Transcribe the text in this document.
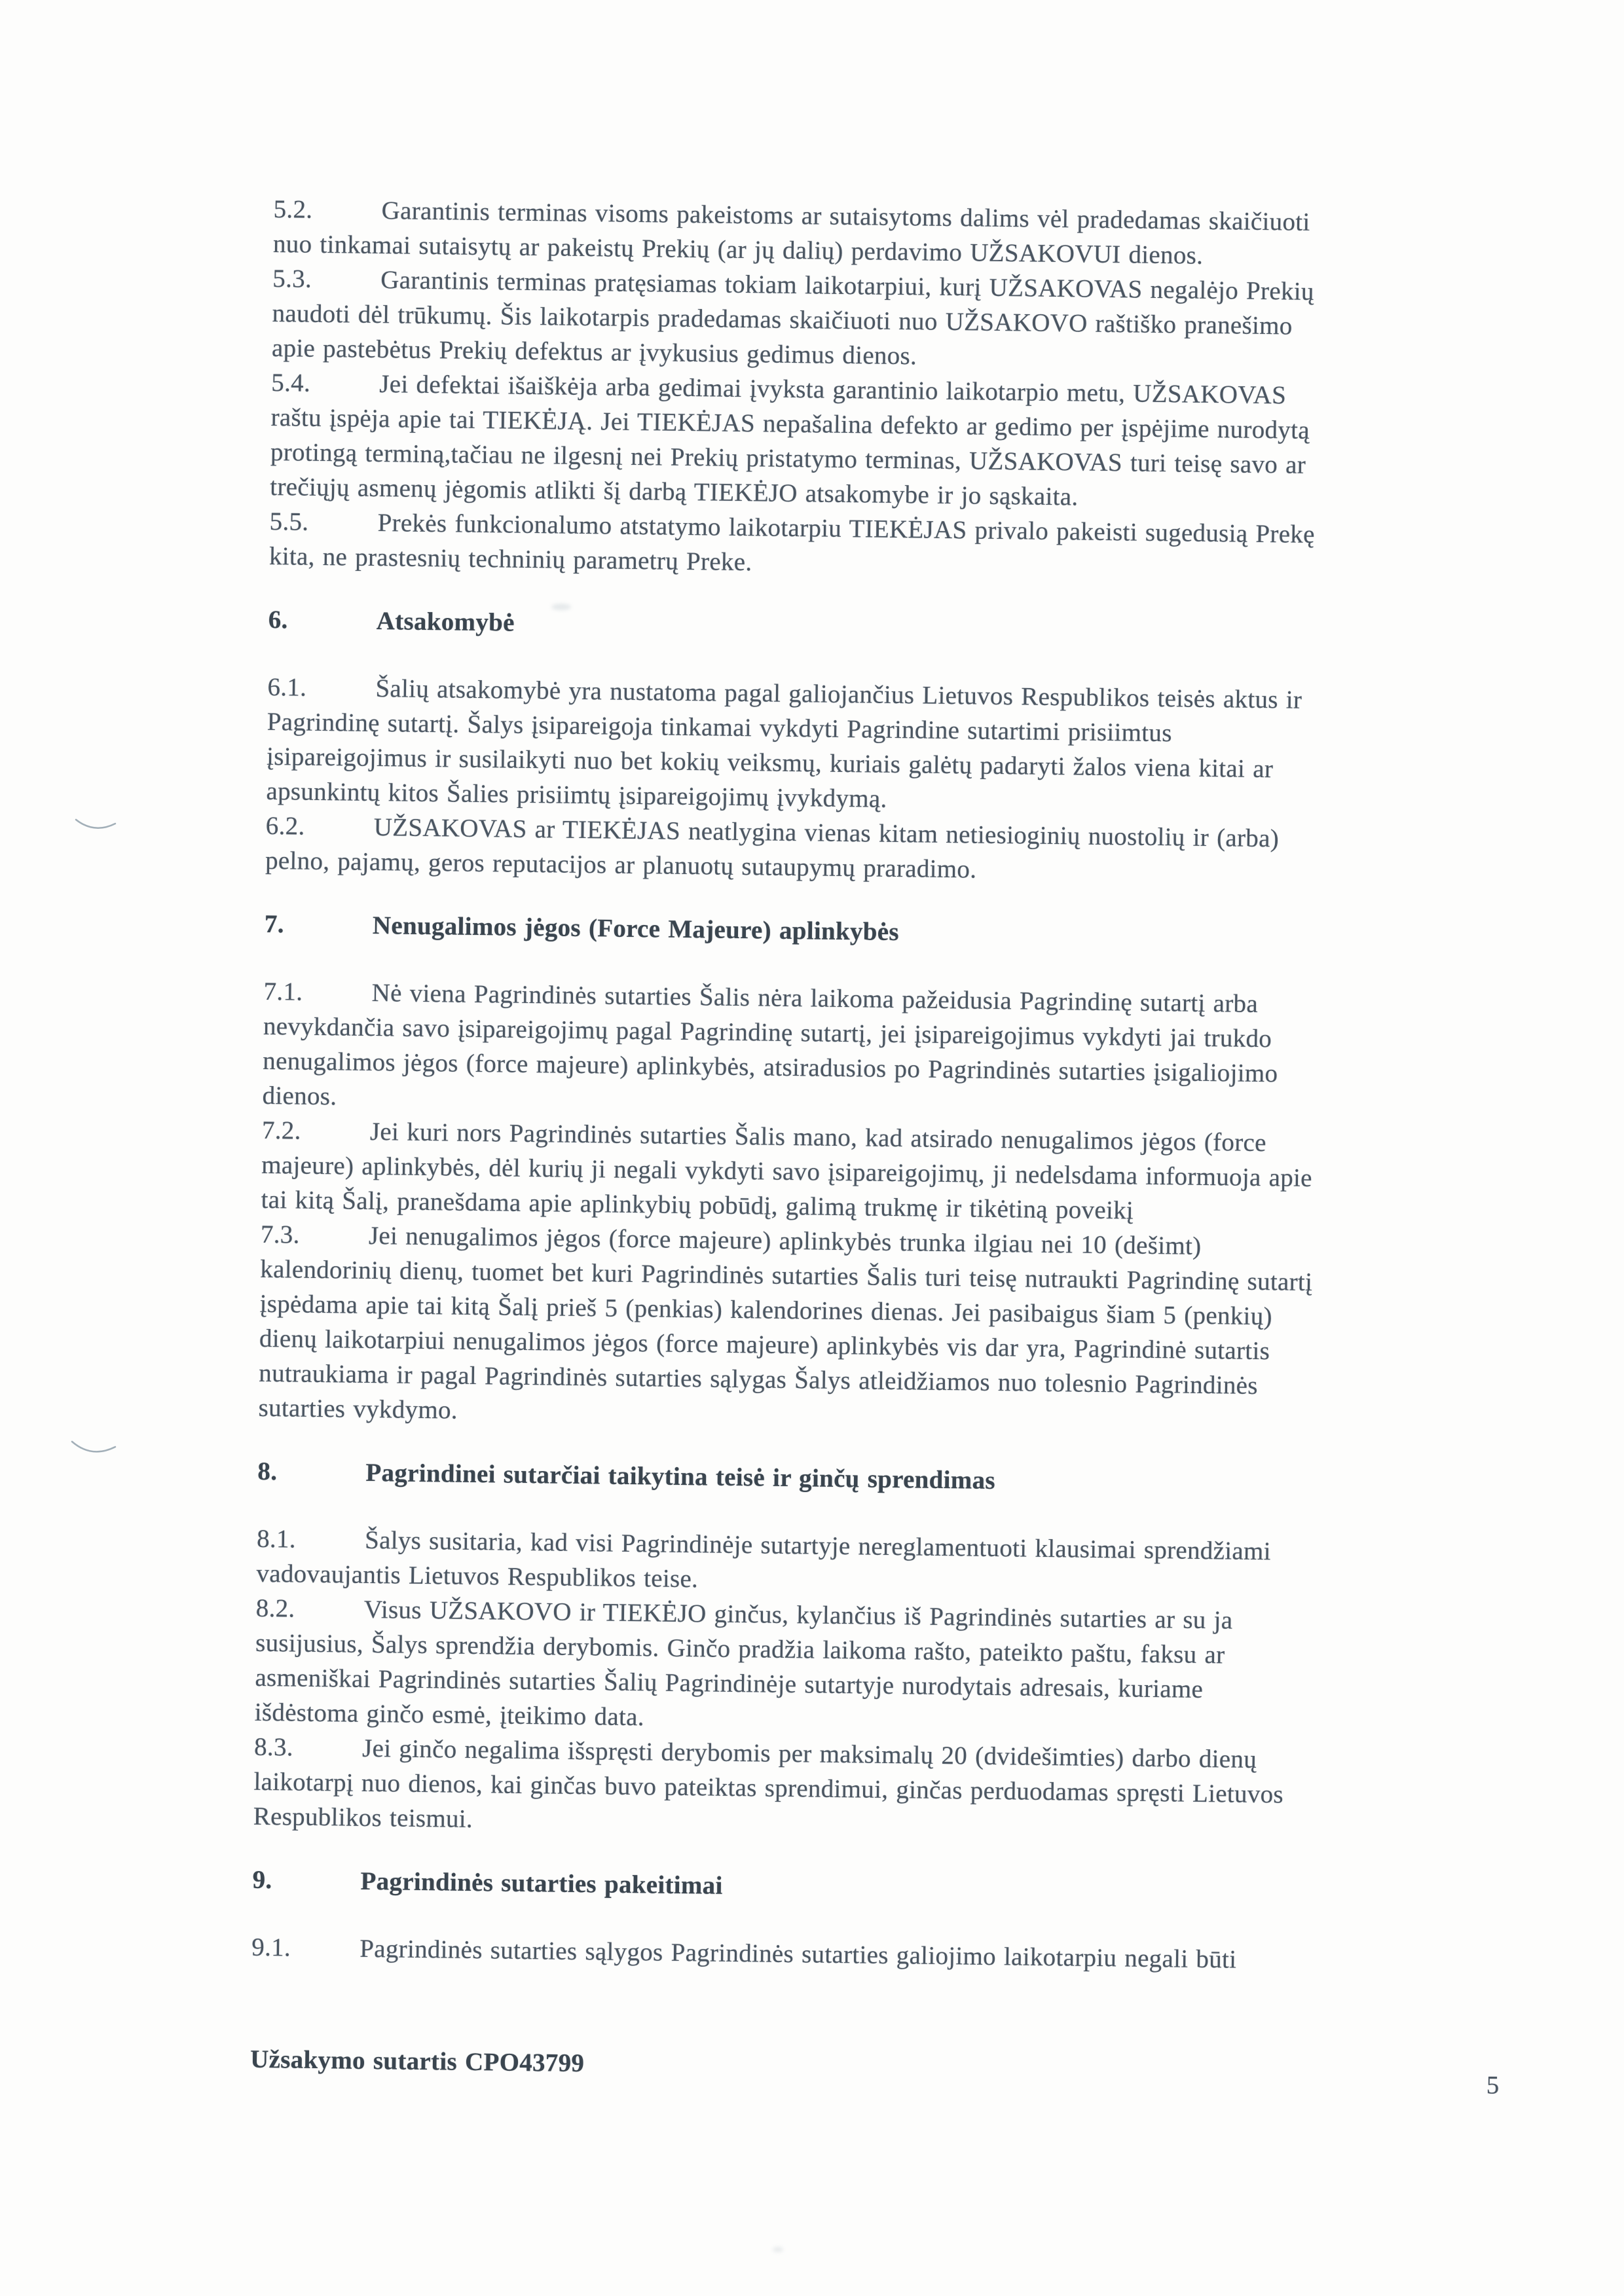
5.2.	Garantinis terminas visoms pakeistoms ar sutaisytoms dalims vėl pradedamas skaičiuoti
nuo tinkamai sutaisytų ar pakeistų Prekių (ar jų dalių) perdavimo UŽSAKOVUI dienos.
5.3.	Garantinis terminas pratęsiamas tokiam laikotarpiui, kurį UŽSAKOVAS negalėjo Prekių
naudoti dėl trūkumų. Šis laikotarpis pradedamas skaičiuoti nuo UŽSAKOVO raštiško pranešimo
apie pastebėtus Prekių defektus ar įvykusius gedimus dienos.
5.4.	Jei defektai išaiškėja arba gedimai įvyksta garantinio laikotarpio metu, UŽSAKOVAS
raštu įspėja apie tai TIEKĖJĄ. Jei TIEKĖJAS nepašalina defekto ar gedimo per įspėjime nurodytą
protingą terminą,tačiau ne ilgesnį nei Prekių pristatymo terminas, UŽSAKOVAS turi teisę savo ar
trečiųjų asmenų jėgomis atlikti šį darbą TIEKĖJO atsakomybe ir jo sąskaita.
5.5.	Prekės funkcionalumo atstatymo laikotarpiu TIEKĖJAS privalo pakeisti sugedusią Prekę
kita, ne prastesnių techninių parametrų Preke.
6.	Atsakomybė
6.1.	Šalių atsakomybė yra nustatoma pagal galiojančius Lietuvos Respublikos teisės aktus ir
Pagrindinę sutartį. Šalys įsipareigoja tinkamai vykdyti Pagrindine sutartimi prisiimtus
įsipareigojimus ir susilaikyti nuo bet kokių veiksmų, kuriais galėtų padaryti žalos viena kitai ar
apsunkintų kitos Šalies prisiimtų įsipareigojimų įvykdymą.
6.2.	UŽSAKOVAS ar TIEKĖJAS neatlygina vienas kitam netiesioginių nuostolių ir (arba)
pelno, pajamų, geros reputacijos ar planuotų sutaupymų praradimo.
7.	Nenugalimos jėgos (Force Majeure) aplinkybės
7.1.	Nė viena Pagrindinės sutarties Šalis nėra laikoma pažeidusia Pagrindinę sutartį arba
nevykdančia savo įsipareigojimų pagal Pagrindinę sutartį, jei įsipareigojimus vykdyti jai trukdo
nenugalimos jėgos (force majeure) aplinkybės, atsiradusios po Pagrindinės sutarties įsigaliojimo
dienos.
7.2.	Jei kuri nors Pagrindinės sutarties Šalis mano, kad atsirado nenugalimos jėgos (force
majeure) aplinkybės, dėl kurių ji negali vykdyti savo įsipareigojimų, ji nedelsdama informuoja apie
tai kitą Šalį, pranešdama apie aplinkybių pobūdį, galimą trukmę ir tikėtiną poveikį
7.3.	Jei nenugalimos jėgos (force majeure) aplinkybės trunka ilgiau nei 10 (dešimt)
kalendorinių dienų, tuomet bet kuri Pagrindinės sutarties Šalis turi teisę nutraukti Pagrindinę sutartį
įspėdama apie tai kitą Šalį prieš 5 (penkias) kalendorines dienas. Jei pasibaigus šiam 5 (penkių)
dienų laikotarpiui nenugalimos jėgos (force majeure) aplinkybės vis dar yra, Pagrindinė sutartis
nutraukiama ir pagal Pagrindinės sutarties sąlygas Šalys atleidžiamos nuo tolesnio Pagrindinės
sutarties vykdymo.
8.	Pagrindinei sutarčiai taikytina teisė ir ginčų sprendimas
8.1.	Šalys susitaria, kad visi Pagrindinėje sutartyje nereglamentuoti klausimai sprendžiami
vadovaujantis Lietuvos Respublikos teise.
8.2.	Visus UŽSAKOVO ir TIEKĖJO ginčus, kylančius iš Pagrindinės sutarties ar su ja
susijusius, Šalys sprendžia derybomis. Ginčo pradžia laikoma rašto, pateikto paštu, faksu ar
asmeniškai Pagrindinės sutarties Šalių Pagrindinėje sutartyje nurodytais adresais, kuriame
išdėstoma ginčo esmė, įteikimo data.
8.3.	Jei ginčo negalima išspręsti derybomis per maksimalų 20 (dvidešimties) darbo dienų
laikotarpį nuo dienos, kai ginčas buvo pateiktas sprendimui, ginčas perduodamas spręsti Lietuvos
Respublikos teismui.
9.	Pagrindinės sutarties pakeitimai
9.1.	Pagrindinės sutarties sąlygos Pagrindinės sutarties galiojimo laikotarpiu negali būti
Užsakymo sutartis CPO43799
5
